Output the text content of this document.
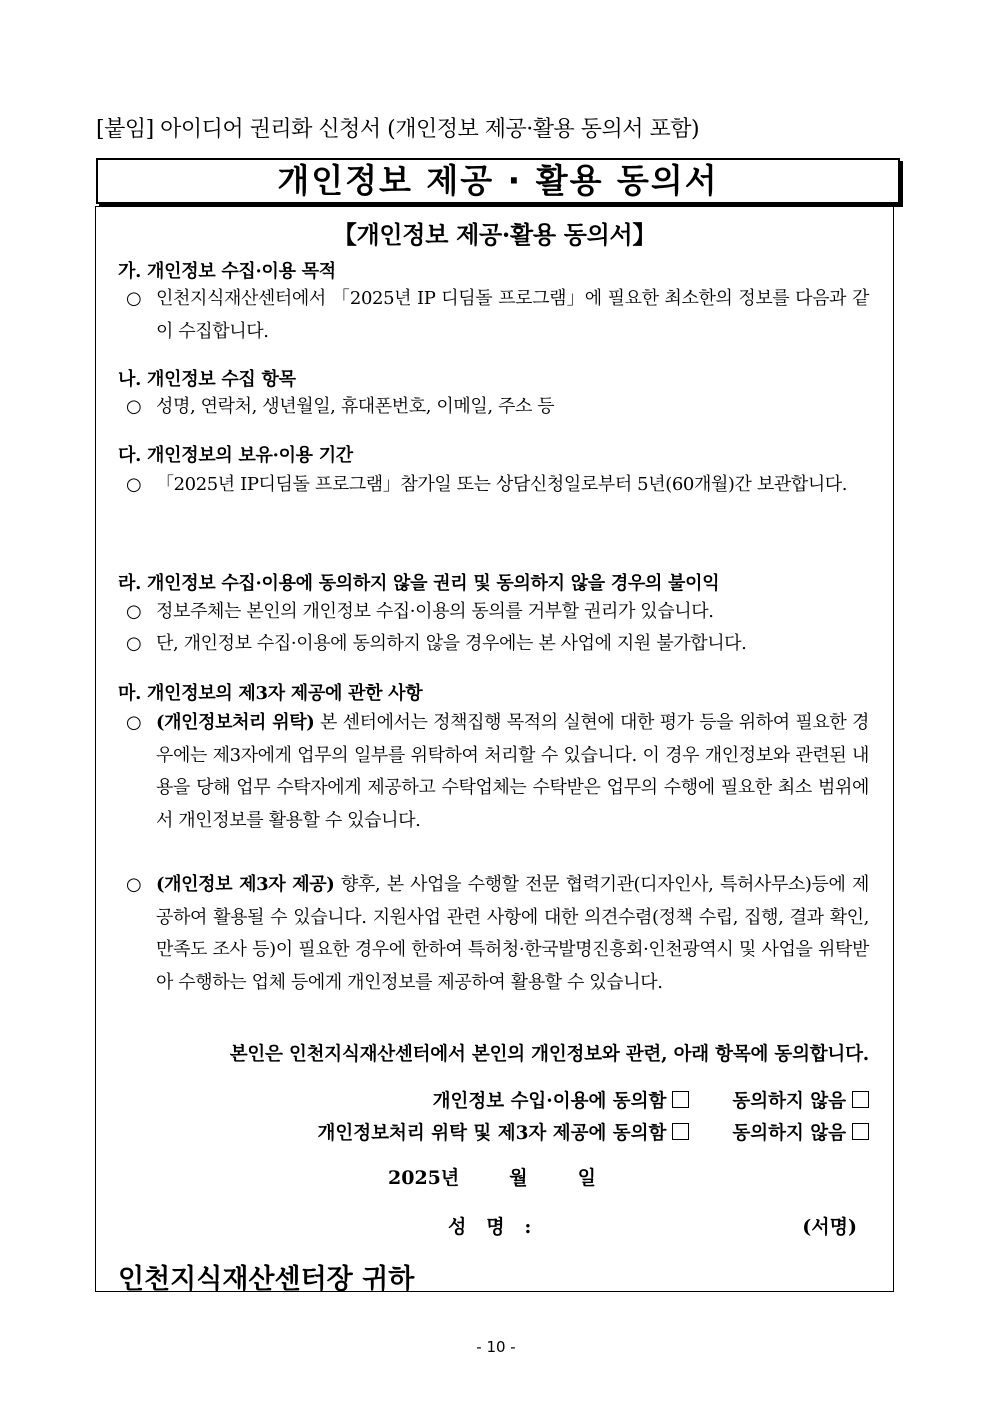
[붙임] 아이디어 권리화 신청서 (개인정보 제공·활용 동의서 포함)
개인정보 제공 · 활용 동의서
【개인정보 제공·활용 동의서】
가. 개인정보 수집·이용 목적
○ 인천지식재산센터에서 「2025년 IP 디딤돌 프로그램」에 필요한 최소한의 정보를 다음과 같이 수집합니다.
나. 개인정보 수집 항목
○ 성명, 연락처, 생년월일, 휴대폰번호, 이메일, 주소 등
다. 개인정보의 보유·이용 기간
○ 「2025년 IP디딤돌 프로그램」참가일 또는 상담신청일로부터 5년(60개월)간 보관합니다.
라. 개인정보 수집·이용에 동의하지 않을 권리 및 동의하지 않을 경우의 불이익
○ 정보주체는 본인의 개인정보 수집·이용의 동의를 거부할 권리가 있습니다.
○ 단, 개인정보 수집·이용에 동의하지 않을 경우에는 본 사업에 지원 불가합니다.
마. 개인정보의 제3자 제공에 관한 사항
○ (개인정보처리 위탁) 본 센터에서는 정책집행 목적의 실현에 대한 평가 등을 위하여 필요한 경우에는 제3자에게 업무의 일부를 위탁하여 처리할 수 있습니다. 이 경우 개인정보와 관련된 내용을 당해 업무 수탁자에게 제공하고 수탁업체는 수탁받은 업무의 수행에 필요한 최소 범위에서 개인정보를 활용할 수 있습니다.
○ (개인정보 제3자 제공) 향후, 본 사업을 수행할 전문 협력기관(디자인사, 특허사무소)등에 제공하여 활용될 수 있습니다. 지원사업 관련 사항에 대한 의견수렴(정책 수립, 집행, 결과 확인, 만족도 조사 등)이 필요한 경우에 한하여 특허청·한국발명진흥회·인천광역시 및 사업을 위탁받아 수행하는 업체 등에게 개인정보를 제공하여 활용할 수 있습니다.
본인은 인천지식재산센터에서 본인의 개인정보와 관련, 아래 항목에 동의합니다.
개인정보 수입·이용에 동의함	동의하지 않음
개인정보처리 위탁 및 제3자 제공에 동의함	동의하지 않음
2025년	월	일
성   명   :	(서명)
인천지식재산센터장 귀하
- 10 -
